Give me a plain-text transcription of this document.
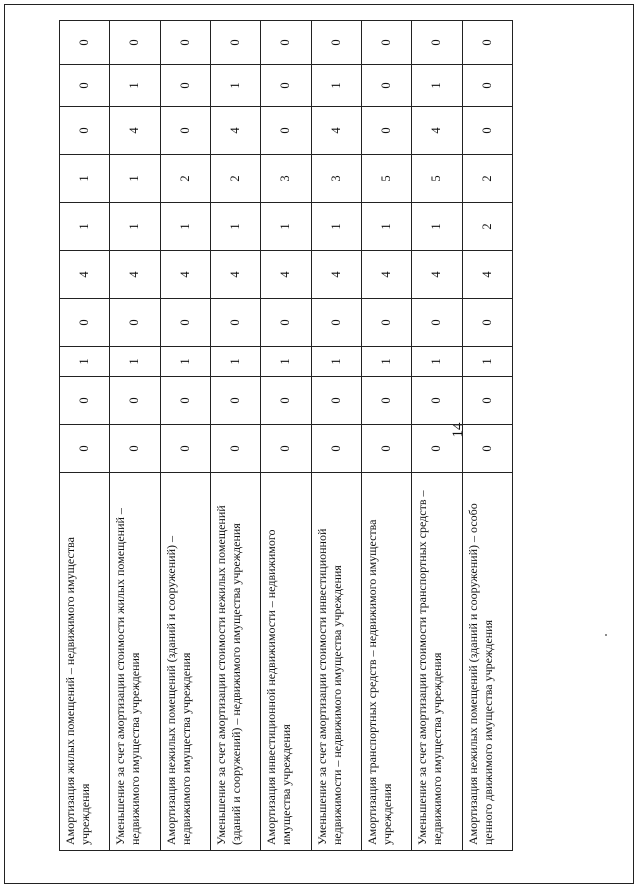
14
Амортизация жилых помещений – недвижимого имущества учреждения	0	0	1	0	4	1	1	0	0	0
Уменьшение за счет амортизации стоимости жилых помещений – недвижимого имущества учреждения	0	0	1	0	4	1	1	4	1	0
Амортизация нежилых помещений (зданий и сооружений) – недвижимого имущества учреждения	0	0	1	0	4	1	2	0	0	0
Уменьшение за счет амортизации стоимости нежилых помещений (зданий и сооружений) – недвижимого имущества учреждения	0	0	1	0	4	1	2	4	1	0
Амортизация инвестиционной недвижимости – недвижимого имущества учреждения	0	0	1	0	4	1	3	0	0	0
Уменьшение за счет амортизации стоимости инвестиционной недвижимости – недвижимого имущества учреждения	0	0	1	0	4	1	3	4	1	0
Амортизация транспортных средств – недвижимого имущества учреждения	0	0	1	0	4	1	5	0	0	0
Уменьшение за счет амортизации стоимости транспортных средств – недвижимого имущества учреждения	0	0	1	0	4	1	5	4	1	0
Амортизация нежилых помещений (зданий и сооружений) – особо ценного движимого имущества учреждения	0	0	1	0	4	2	2	0	0	0
